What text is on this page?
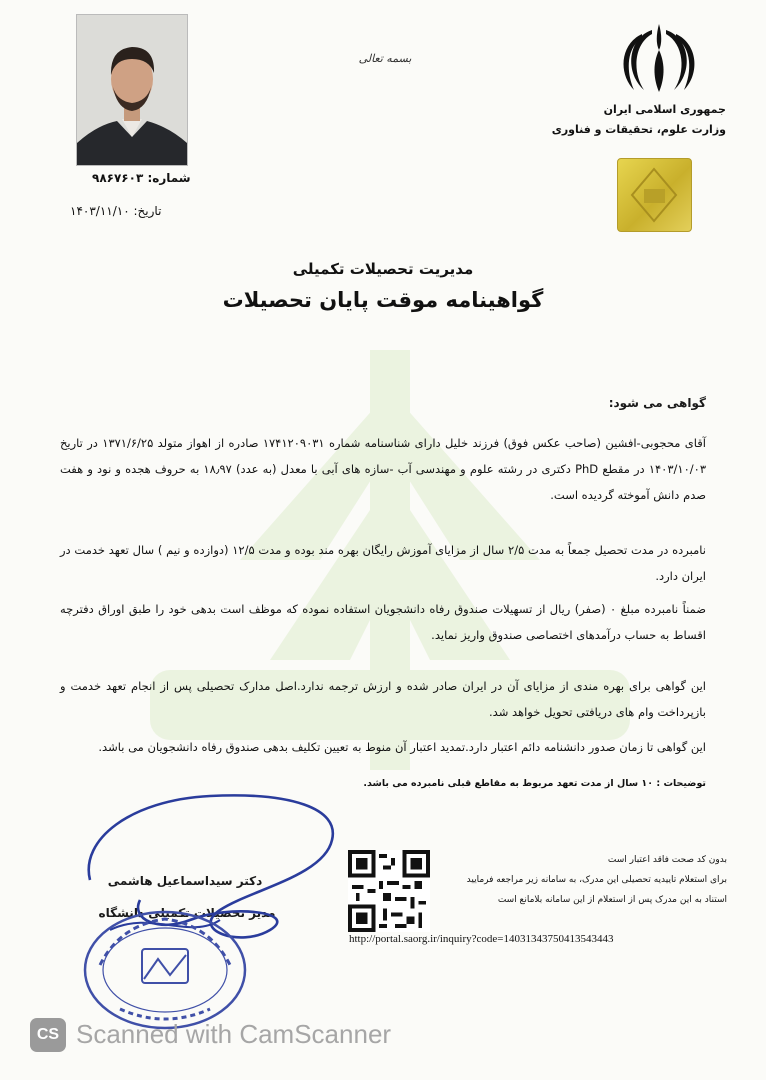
جمهوری اسلامی ایران
وزارت علوم، تحقیقات و فناوری
بسمه تعالی
شماره: ۹۸۶۷۶۰۳
تاریخ: ۱۴۰۳/۱۱/۱۰
مدیریت تحصیلات تکمیلی
گواهینامه موقت پایان تحصیلات
گواهی می شود:
آقای محجوبی-افشین (صاحب عکس فوق) فرزند خلیل دارای شناسنامه شماره ۱۷۴۱۲۰۹۰۳۱ صادره از اهواز متولد ۱۳۷۱/۶/۲۵ در تاریخ ۱۴۰۳/۱۰/۰۳ در مقطع PhD دکتری در رشته علوم و مهندسی آب -سازه های آبی با معدل (به عدد) ۱۸٫۹۷ به حروف هجده و نود و هفت صدم دانش آموخته گردیده است.
نامبرده در مدت تحصیل جمعاً به مدت ۲/۵ سال از مزایای آموزش رایگان بهره مند بوده و مدت ۱۲/۵ (دوازده و نیم ) سال تعهد خدمت در ایران دارد.
ضمناً نامبرده مبلغ ۰ (صفر) ریال از تسهیلات صندوق رفاه دانشجویان استفاده نموده که موظف است بدهی خود را طبق اوراق دفترچه اقساط به حساب درآمدهای اختصاصی صندوق واریز نماید.
این گواهی برای بهره مندی از مزایای آن در ایران صادر شده و ارزش ترجمه ندارد.اصل مدارک تحصیلی پس از انجام تعهد خدمت و بازپرداخت وام های دریافتی تحویل خواهد شد.
این گواهی تا زمان صدور دانشنامه دائم اعتبار دارد.تمدید اعتبار آن منوط به تعیین تکلیف بدهی صندوق رفاه دانشجویان می باشد.
توضیحات : ۱۰ سال از مدت تعهد مربوط به مقاطع قبلی نامبرده می باشد.
بدون کد صحت فاقد اعتبار است
برای استعلام تاییدیه تحصیلی این مدرک، به سامانه زیر مراجعه فرمایید
استناد به این مدرک پس از استعلام از این سامانه بلامانع است
http://portal.saorg.ir/inquiry?code=14031343750413543443
دکتر سیداسماعیل هاشمی
مدیر تحصیلات تکمیلی دانشگاه
CS Scanned with CamScanner
